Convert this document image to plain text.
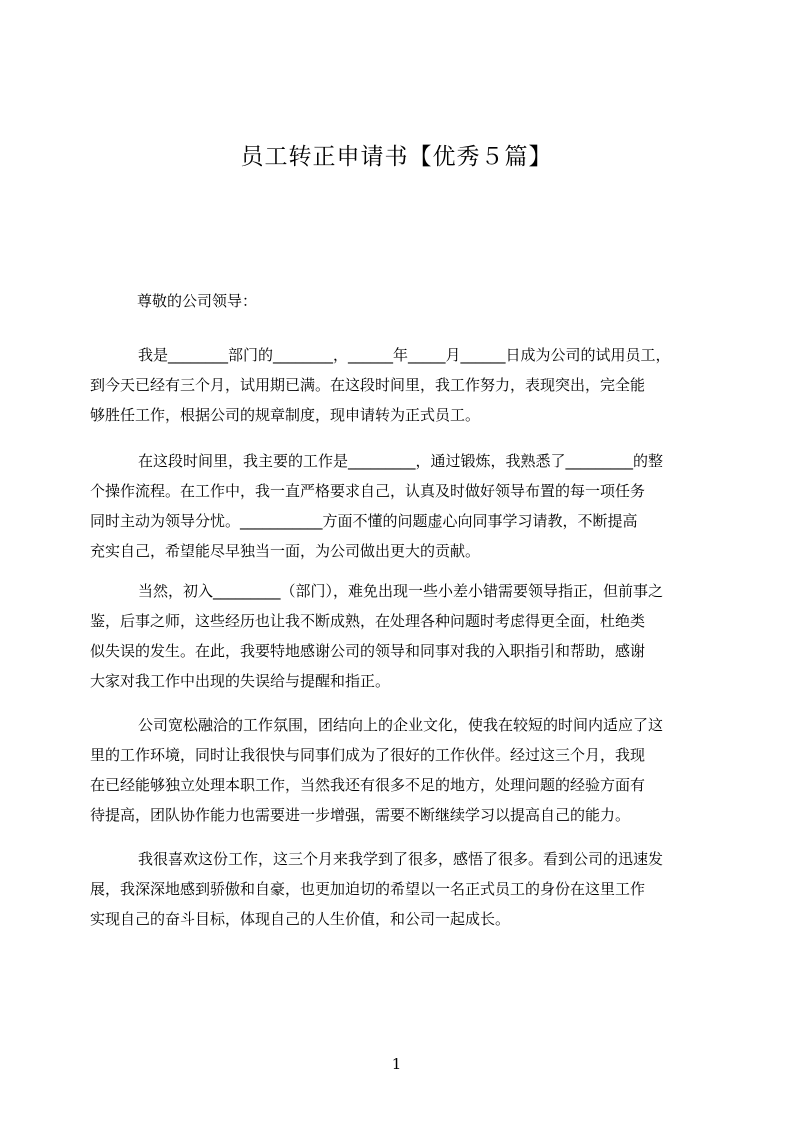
员工转正申请书【优秀５篇】
尊敬的公司领导：
我是________部门的________，______年_____月______日成为公司的试用员工，
到今天已经有三个月，试用期已满。在这段时间里，我工作努力，表现突出，完全能
够胜任工作，根据公司的规章制度，现申请转为正式员工。
在这段时间里，我主要的工作是_________，通过锻炼，我熟悉了_________的整
个操作流程。在工作中，我一直严格要求自己，认真及时做好领导布置的每一项任务
同时主动为领导分忧。___________方面不懂的问题虚心向同事学习请教，不断提高
充实自己，希望能尽早独当一面，为公司做出更大的贡献。
当然，初入_________（部门），难免出现一些小差小错需要领导指正，但前事之
鉴，后事之师，这些经历也让我不断成熟，在处理各种问题时考虑得更全面，杜绝类
似失误的发生。在此，我要特地感谢公司的领导和同事对我的入职指引和帮助，感谢
大家对我工作中出现的失误给与提醒和指正。
公司宽松融洽的工作氛围，团结向上的企业文化，使我在较短的时间内适应了这
里的工作环境，同时让我很快与同事们成为了很好的工作伙伴。经过这三个月，我现
在已经能够独立处理本职工作，当然我还有很多不足的地方，处理问题的经验方面有
待提高，团队协作能力也需要进一步增强，需要不断继续学习以提高自己的能力。
我很喜欢这份工作，这三个月来我学到了很多，感悟了很多。看到公司的迅速发
展，我深深地感到骄傲和自豪，也更加迫切的希望以一名正式员工的身份在这里工作
实现自己的奋斗目标，体现自己的人生价值，和公司一起成长。
1
